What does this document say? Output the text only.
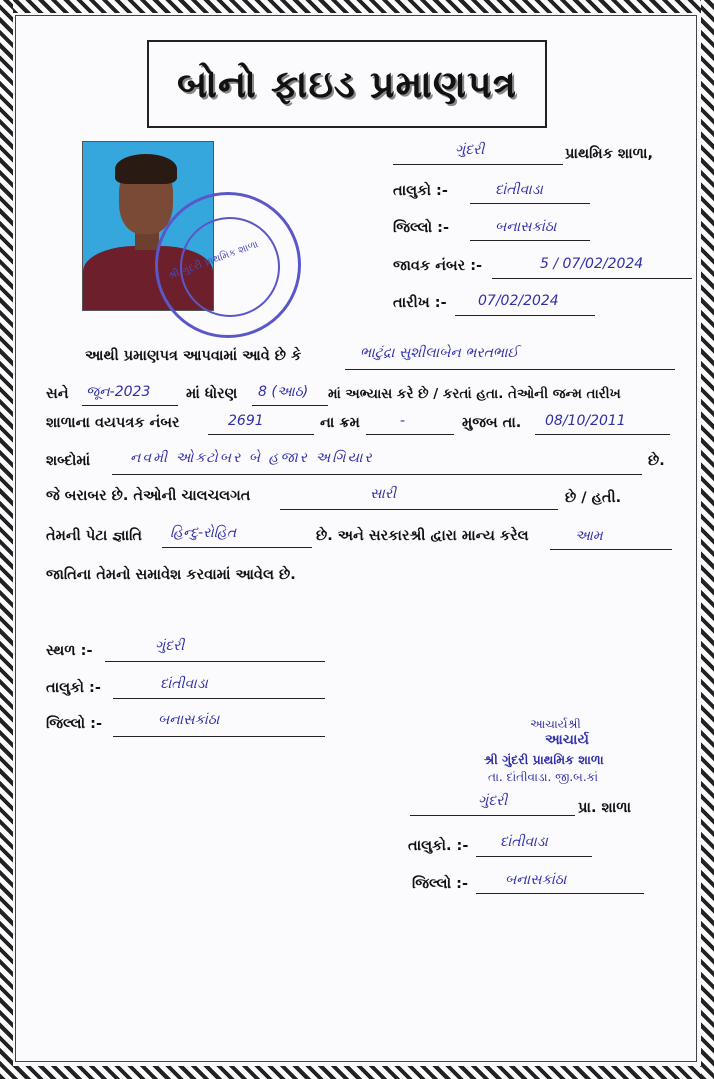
બોનો ફાઇડ પ્રમાણપત્ર
શ્રી ગુંદરી પ્રાથમિક શાળા
ગુંદરી	પ્રાથમિક શાળા,
તાલુકો :-	દાંતીવાડા
જિલ્લો :-	બનાસકાંઠા
જાવક નંબર :-	5 / 07/02/2024
તારીખ :- 07/02/2024
આથી પ્રમાણપત્ર આપવામાં આવે છે કે	ભાટુંદ્રા સુશીલાબેન ભરતભાઈ
સને જૂન-2023 માં ધોરણ 8 (આઠ) માં અભ્યાસ કરે છે / કરતાં હતા. તેઓની જન્મ તારીખ
શાળાના વયપત્રક નંબર	2691	ના ક્રમ	-	મુજબ તા. 08/10/2011
શબ્દોમાં	નવમી ઓક્ટોબર બે હજાર અગિયાર	છે.
જે બરાબર છે. તેઓની ચાલચલગત	સારી	છે / હતી.
તેમની પેટા જ્ઞાતિ હિન્દુ-રોહિત	છે. અને સરકારશ્રી દ્વારા માન્ય કરેલ	આમ
જાતિના તેમનો સમાવેશ કરવામાં આવેલ છે.
સ્થળ :-	ગુંદરી
તાલુકો :-	દાંતીવાડા
જિલ્લો :-	બનાસકાંઠા	આચાર્યશ્રી
આચાર્ય
શ્રી ગુંદરી પ્રાથમિક શાળા
તા. દાંતીવાડા. જી.બ.કાં
ગુંદરી	પ્રા. શાળા
તાલુકો. :- દાંતીવાડા
જિલ્લો :-	બનાસકાંઠા
